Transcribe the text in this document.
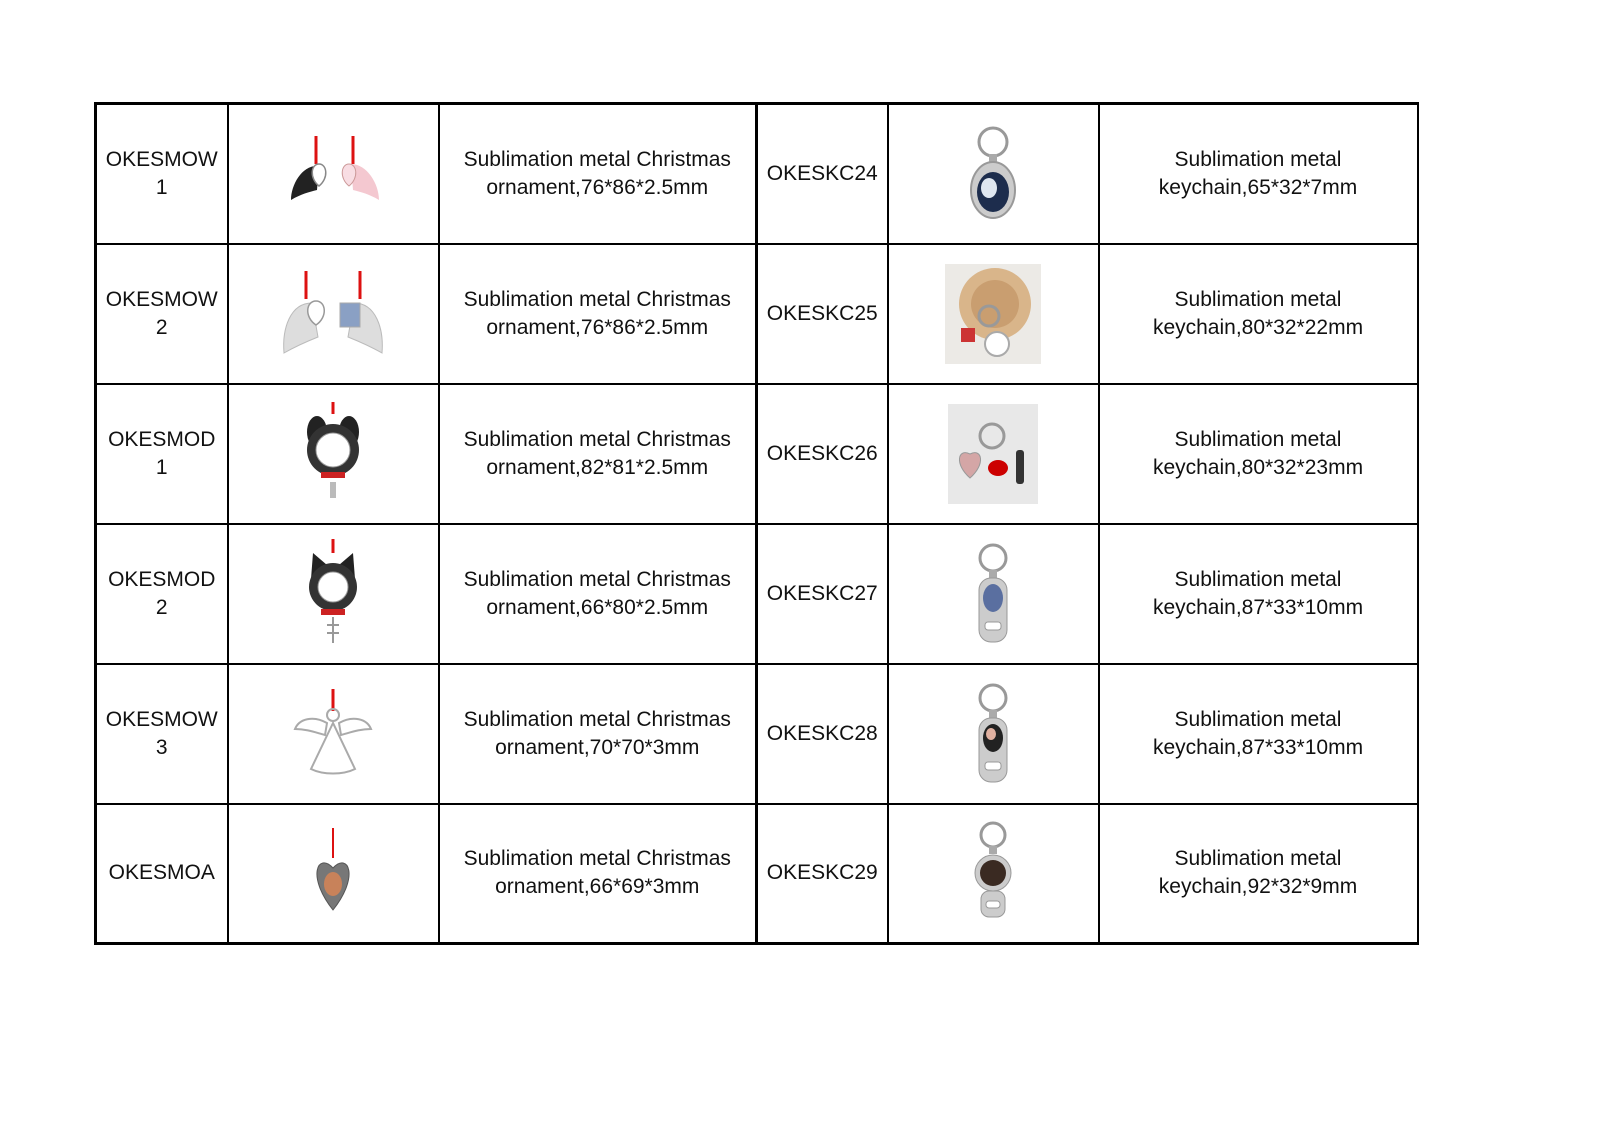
OKESMOW
1		Sublimation metal Christmas
ornament,76*86*2.5mm	OKESKC24		Sublimation metal
keychain,65*32*7mm
OKESMOW
2		Sublimation metal Christmas
ornament,76*86*2.5mm	OKESKC25		Sublimation metal
keychain,80*32*22mm
OKESMOD
1		Sublimation metal Christmas
ornament,82*81*2.5mm	OKESKC26		Sublimation metal
keychain,80*32*23mm
OKESMOD
2		Sublimation metal Christmas
ornament,66*80*2.5mm	OKESKC27		Sublimation metal
keychain,87*33*10mm
OKESMOW
3		Sublimation metal Christmas
ornament,70*70*3mm	OKESKC28		Sublimation metal
keychain,87*33*10mm
OKESMOA		Sublimation metal Christmas
ornament,66*69*3mm	OKESKC29		Sublimation metal
keychain,92*32*9mm
